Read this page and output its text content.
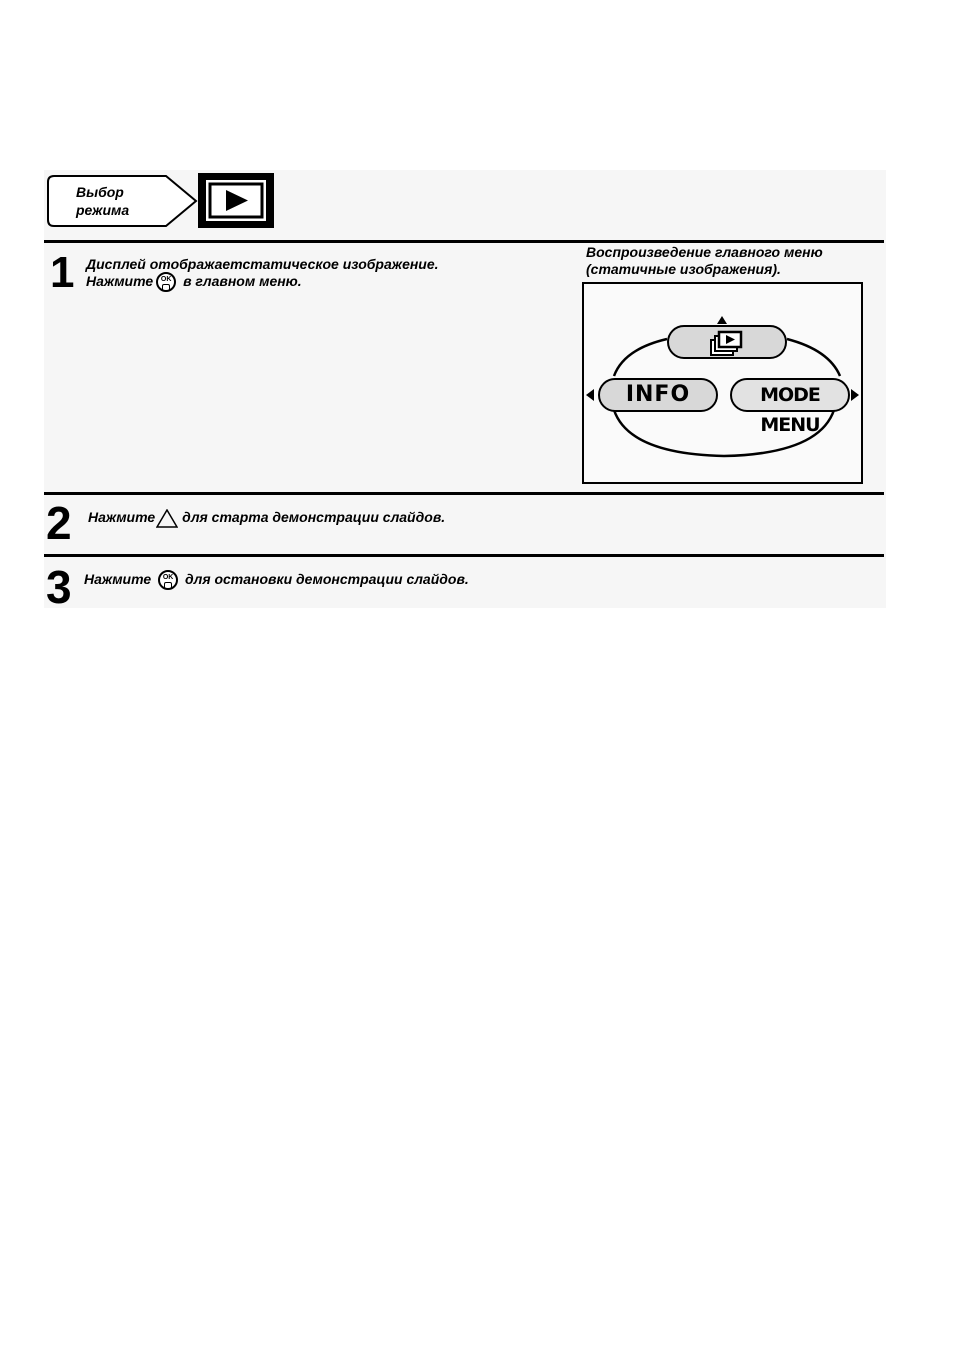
Выбор
режима
1 Дисплей отображаетстатическое изображение.
Нажмите	OK в главном меню.
Воспроизведение главного меню
(статичные изображения).
INFO	MODE MENU
2 Нажмите для старта демонстрации слайдов.
3 Нажмите	OK для остановки демонстрации слайдов.
